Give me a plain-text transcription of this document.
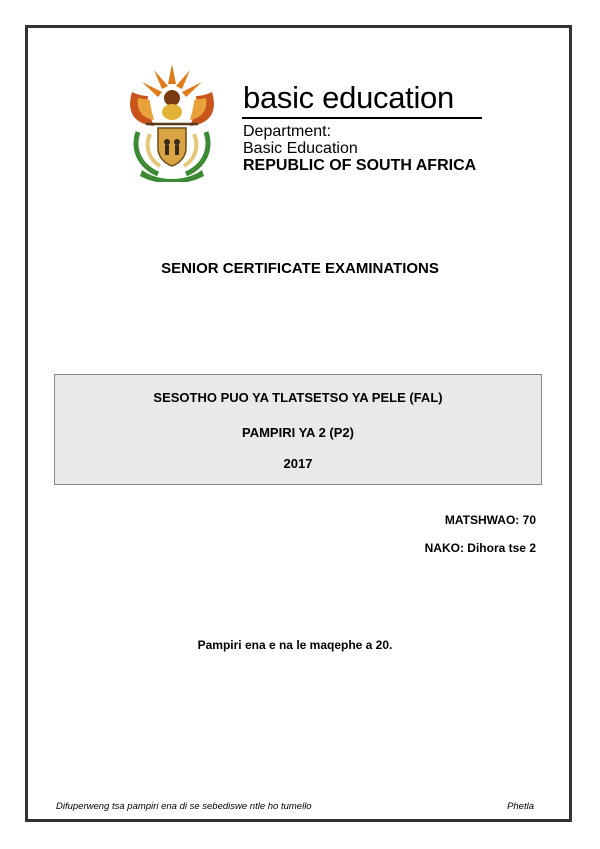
basic education
Department:
Basic Education
REPUBLIC OF SOUTH AFRICA
SENIOR CERTIFICATE EXAMINATIONS
SESOTHO PUO YA TLATSETSO YA PELE (FAL)
PAMPIRI YA 2 (P2)
2017
MATSHWAO: 70
NAKO: Dihora tse 2
Pampiri ena e na le maqephe a 20.
Difuperweng tsa pampiri ena di se sebediswe ntle ho tumello	Phetla
